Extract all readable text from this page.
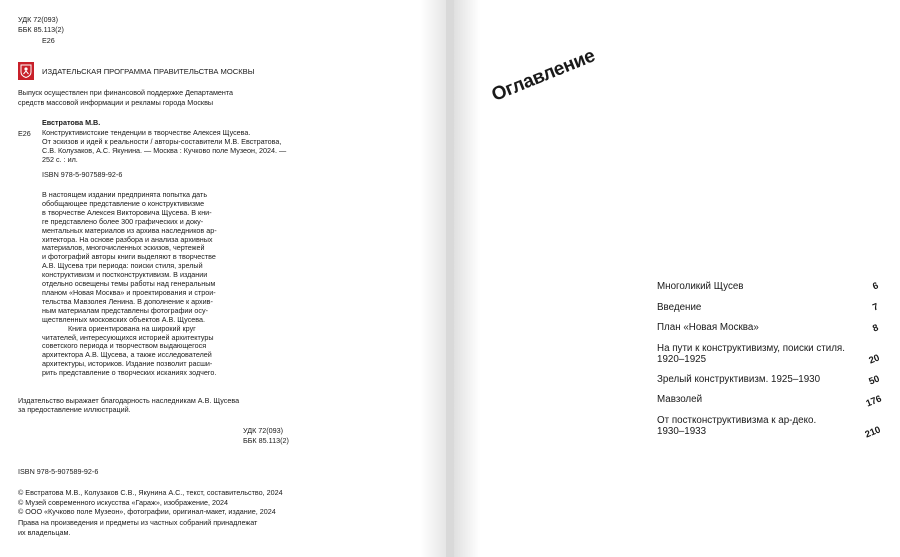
УДК 72(093)
ББК 85.113(2)
Е26
ИЗДАТЕЛЬСКАЯ ПРОГРАММА ПРАВИТЕЛЬСТВА МОСКВЫ
Выпуск осуществлен при финансовой поддержке Департамента
средств массовой информации и рекламы города Москвы
Е26
Евстратова М.В.
Конструктивистские тенденции в творчестве Алексея Щусева.
От эскизов и идей к реальности / авторы-составители М.В. Евстратова,
С.В. Колузаков, А.С. Якунина. — Москва : Кучково поле Музеон, 2024. —
252 с. : ил.
ISBN 978-5-907589-92-6
В настоящем издании предпринята попытка дать
обобщающее представление о конструктивизме
в творчестве Алексея Викторовича Щусева. В кни-
ге представлено более 300 графических и доку-
ментальных материалов из архива наследников ар-
хитектора. На основе разбора и анализа архивных
материалов, многочисленных эскизов, чертежей
и фотографий авторы книги выделяют в творчестве
А.В. Щусева три периода: поиски стиля, зрелый
конструктивизм и постконструктивизм. В издании
отдельно освещены темы работы над генеральным
планом «Новая Москва» и проектирования и строи-
тельства Мавзолея Ленина. В дополнение к архив-
ным материалам представлены фотографии осу-
ществленных московских объектов А.В. Щусева.
Книга ориентирована на широкий круг
читателей, интересующихся историей архитектуры
советского периода и творчеством выдающегося
архитектора А.В. Щусева, а также исследователей
архитектуры, историков. Издание позволит расши-
рить представление о творческих исканиях зодчего.
Издательство выражает благодарность наследникам А.В. Щусева
за предоставление иллюстраций.
УДК 72(093)
ББК 85.113(2)
ISBN 978-5-907589-92-6
© Евстратова М.В., Колузаков С.В., Якунина А.С., текст, составительство, 2024
© Музей современного искусства «Гараж», изображение, 2024
© ООО «Кучково поле Музеон», фотографии, оригинал-макет, издание, 2024
Права на произведения и предметы из частных собраний принадлежат
их владельцам.
Оглавление
Многоликий Щусев	6
Введение	7
План «Новая Москва»	8
На пути к конструктивизму, поиски стиля.
1920–1925	20
Зрелый конструктивизм. 1925–1930	50
Мавзолей	176
От постконструктивизма к ар-деко.
1930–1933	210
